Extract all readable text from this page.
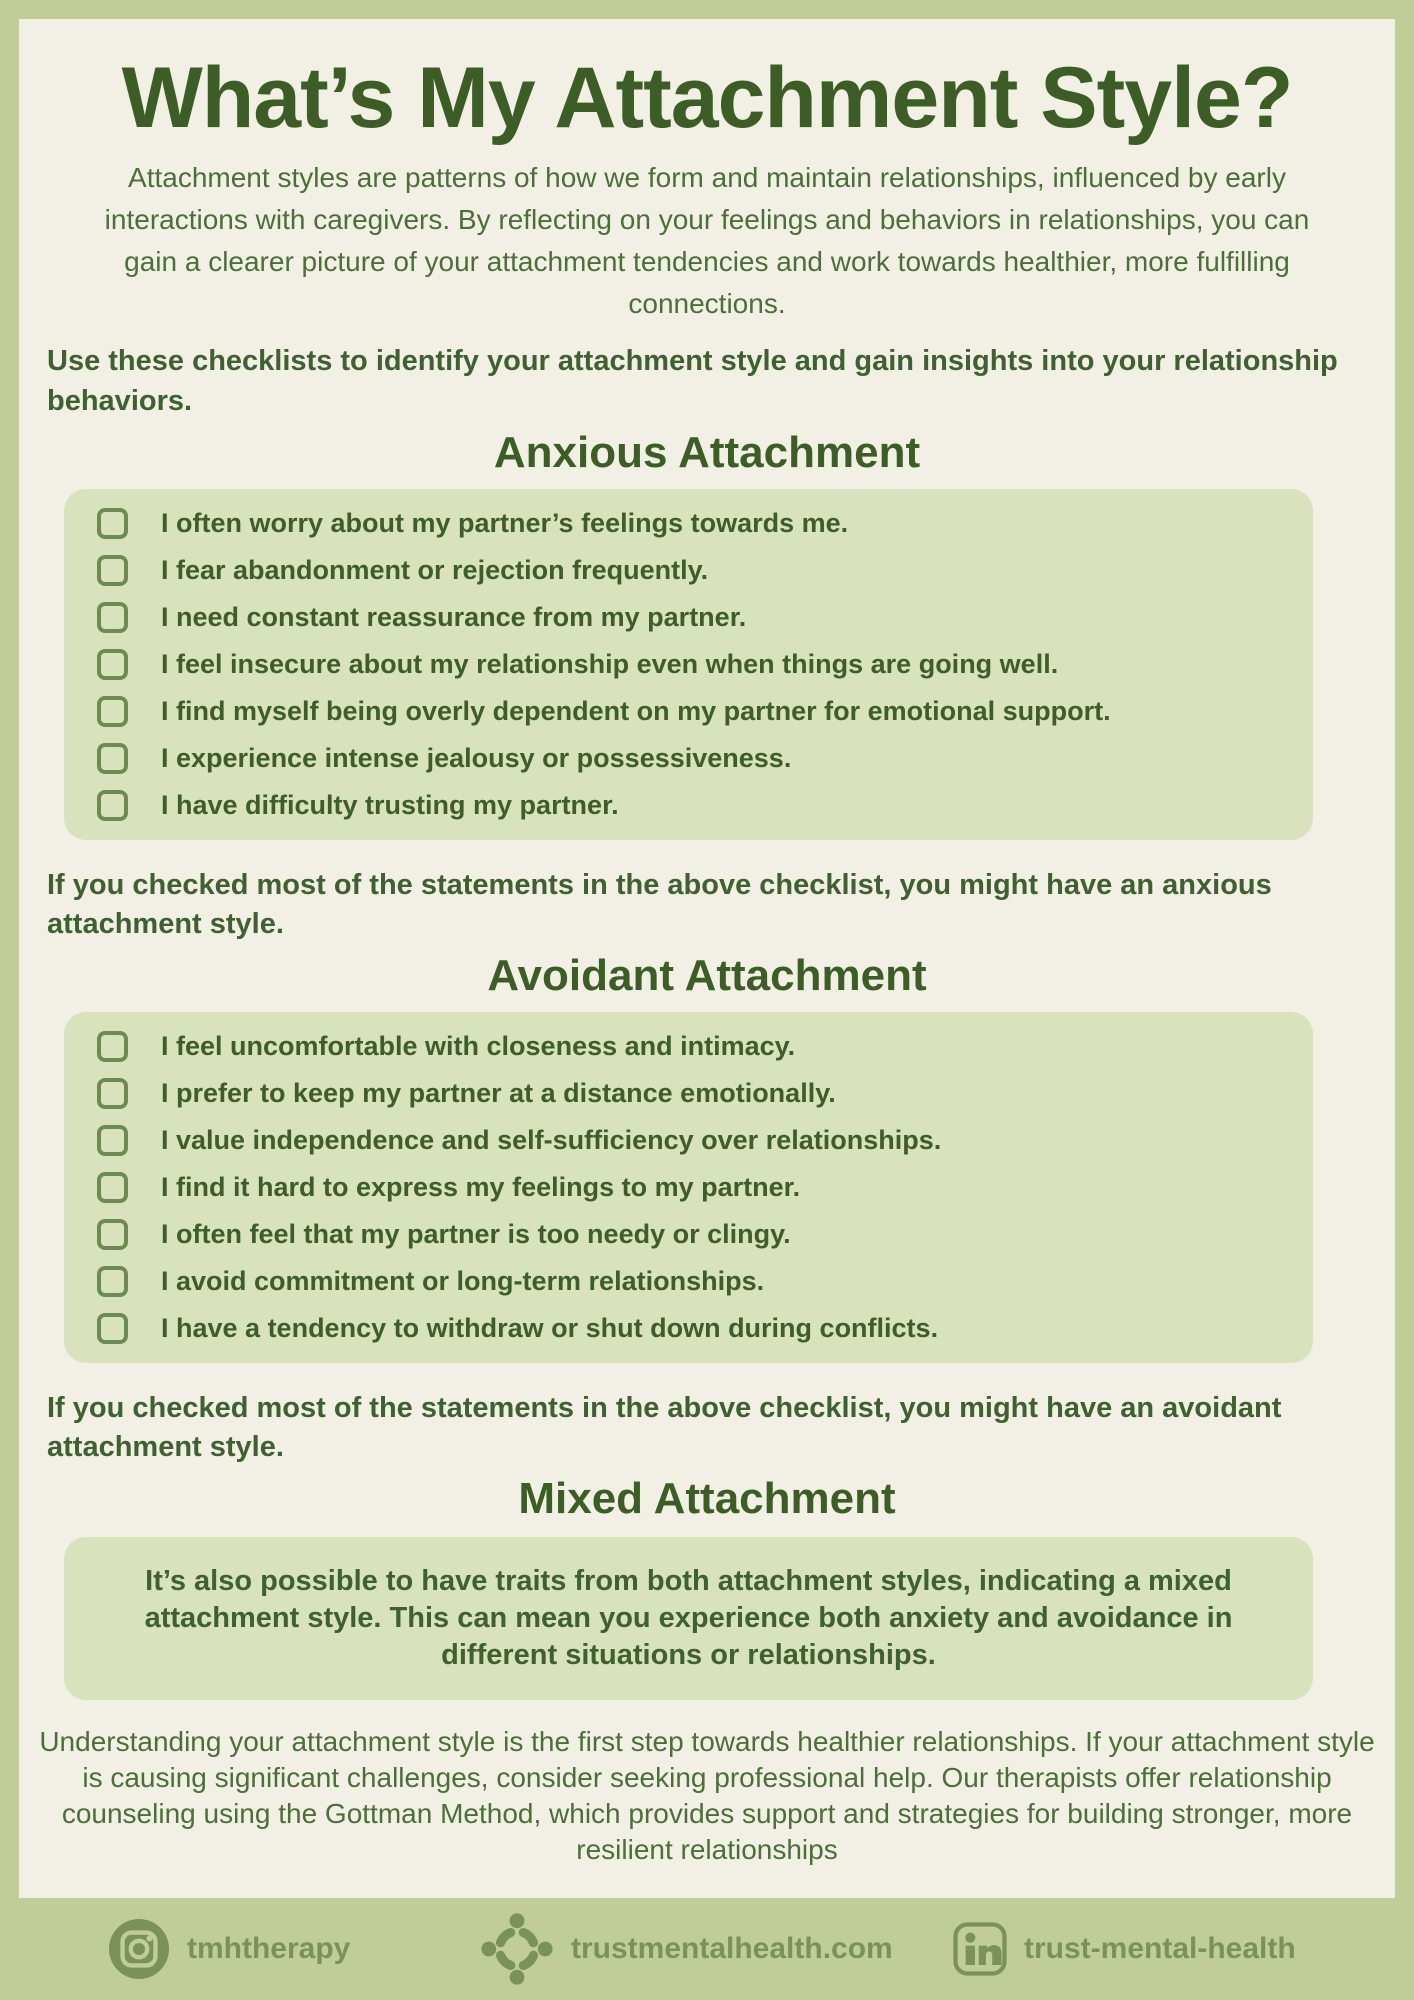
What’s My Attachment Style?

Attachment styles are patterns of how we form and maintain relationships, influenced by early interactions with caregivers. By reflecting on your feelings and behaviors in relationships, you can gain a clearer picture of your attachment tendencies and work towards healthier, more fulfilling connections.

Use these checklists to identify your attachment style and gain insights into your relationship behaviors.

Anxious Attachment
I often worry about my partner’s feelings towards me.
I fear abandonment or rejection frequently.
I need constant reassurance from my partner.
I feel insecure about my relationship even when things are going well.
I find myself being overly dependent on my partner for emotional support.
I experience intense jealousy or possessiveness.
I have difficulty trusting my partner.

If you checked most of the statements in the above checklist, you might have an anxious attachment style.

Avoidant Attachment
I feel uncomfortable with closeness and intimacy.
I prefer to keep my partner at a distance emotionally.
I value independence and self-sufficiency over relationships.
I find it hard to express my feelings to my partner.
I often feel that my partner is too needy or clingy.
I avoid commitment or long-term relationships.
I have a tendency to withdraw or shut down during conflicts.

If you checked most of the statements in the above checklist, you might have an avoidant attachment style.

Mixed Attachment

It’s also possible to have traits from both attachment styles, indicating a mixed attachment style. This can mean you experience both anxiety and avoidance in different situations or relationships.

Understanding your attachment style is the first step towards healthier relationships. If your attachment style is causing significant challenges, consider seeking professional help. Our therapists offer relationship counseling using the Gottman Method, which provides support and strategies for building stronger, more resilient relationships

tmhtherapy	trustmentalhealth.com	trust-mental-health
